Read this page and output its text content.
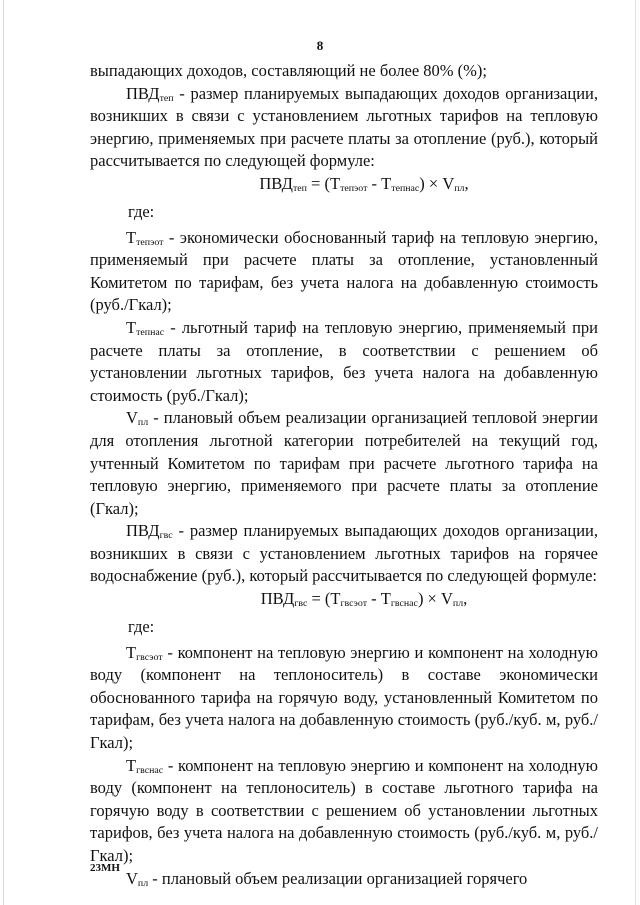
8

выпадающих доходов, составляющий не более 80% (%);

$ПВД_{теп}$ - размер планируемых выпадающих доходов организации, возникших в связи с установлением льготных тарифов на тепловую энергию, применяемых при расчете платы за отопление (руб.), который рассчитывается по следующей формуле:

$ПВД_{теп} = (Т_{тепэот} - Т_{тепнас}) \times V_{пл}$,

где:

$Т_{тепэот}$ - экономически обоснованный тариф на тепловую энергию, применяемый при расчете платы за отопление, установленный Комитетом по тарифам, без учета налога на добавленную стоимость (руб./Гкал);

$Т_{тепнас}$ - льготный тариф на тепловую энергию, применяемый при расчете платы за отопление, в соответствии с решением об установлении льготных тарифов, без учета налога на добавленную стоимость (руб./Гкал);

$V_{пл}$ - плановый объем реализации организацией тепловой энергии для отопления льготной категории потребителей на текущий год, учтенный Комитетом по тарифам при расчете льготного тарифа на тепловую энергию, применяемого при расчете платы за отопление (Гкал);

$ПВД_{гвс}$ - размер планируемых выпадающих доходов организации, возникших в связи с установлением льготных тарифов на горячее водоснабжение (руб.), который рассчитывается по следующей формуле:

$ПВД_{гвс} = (Т_{гвсэот} - Т_{гвснас}) \times V_{пл}$,

где:

$Т_{гвсэот}$ - компонент на тепловую энергию и компонент на холодную воду (компонент на теплоноситель) в составе экономически обоснованного тарифа на горячую воду, установленный Комитетом по тарифам, без учета налога на добавленную стоимость (руб./куб. м, руб./Гкал);

$Т_{гвснас}$ - компонент на тепловую энергию и компонент на холодную воду (компонент на теплоноситель) в составе льготного тарифа на горячую воду в соответствии с решением об установлении льготных тарифов, без учета налога на добавленную стоимость (руб./куб. м, руб./Гкал);

$V_{пл}$ - плановый объем реализации организацией горячего

23МН
